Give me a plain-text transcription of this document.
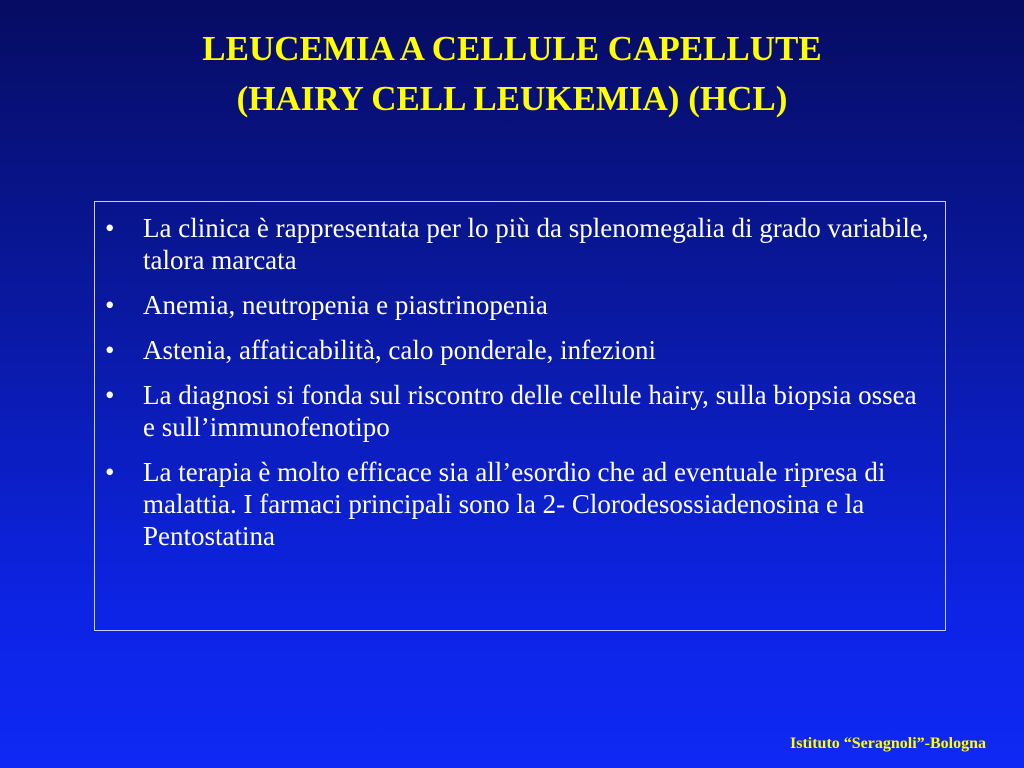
LEUCEMIA A CELLULE CAPELLUTE
(HAIRY CELL LEUKEMIA) (HCL)
• La clinica è rappresentata per lo più da splenomegalia di grado variabile, talora marcata
• Anemia, neutropenia e piastrinopenia
• Astenia, affaticabilità, calo ponderale, infezioni
• La diagnosi si fonda sul riscontro delle cellule hairy, sulla biopsia ossea e sull’immunofenotipo
• La terapia è molto efficace sia all’esordio che ad eventuale ripresa di malattia. I farmaci principali sono la 2- Clorodesossiadenosina e la Pentostatina
Istituto “Seragnoli”-Bologna
